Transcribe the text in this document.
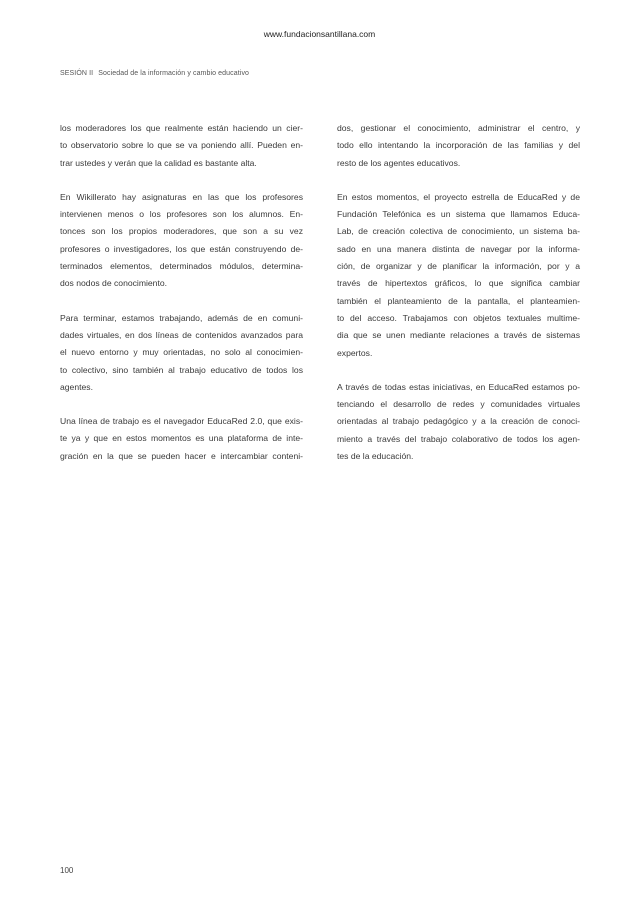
www.fundacionsantillana.com
SESIÓN II Sociedad de la información y cambio educativo

los moderadores los que realmente están haciendo un cier-
to observatorio sobre lo que se va poniendo allí. Pueden en-
trar ustedes y verán que la calidad es bastante alta.

En Wikillerato hay asignaturas en las que los profesores
intervienen menos o los profesores son los alumnos. En-
tonces son los propios moderadores, que son a su vez
profesores o investigadores, los que están construyendo de-
terminados elementos, determinados módulos, determina-
dos nodos de conocimiento.

Para terminar, estamos trabajando, además de en comuni-
dades virtuales, en dos líneas de contenidos avanzados para
el nuevo entorno y muy orientadas, no solo al conocimien-
to colectivo, sino también al trabajo educativo de todos los
agentes.

Una línea de trabajo es el navegador EducaRed 2.0, que exis-
te ya y que en estos momentos es una plataforma de inte-
gración en la que se pueden hacer e intercambiar conteni-

dos, gestionar el conocimiento, administrar el centro, y
todo ello intentando la incorporación de las familias y del
resto de los agentes educativos.

En estos momentos, el proyecto estrella de EducaRed y de
Fundación Telefónica es un sistema que llamamos Educa-
Lab, de creación colectiva de conocimiento, un sistema ba-
sado en una manera distinta de navegar por la informa-
ción, de organizar y de planificar la información, por y a
través de hipertextos gráficos, lo que significa cambiar
también el planteamiento de la pantalla, el planteamien-
to del acceso. Trabajamos con objetos textuales multime-
dia que se unen mediante relaciones a través de sistemas
expertos.

A través de todas estas iniciativas, en EducaRed estamos po-
tenciando el desarrollo de redes y comunidades virtuales
orientadas al trabajo pedagógico y a la creación de conoci-
miento a través del trabajo colaborativo de todos los agen-
tes de la educación.

100
